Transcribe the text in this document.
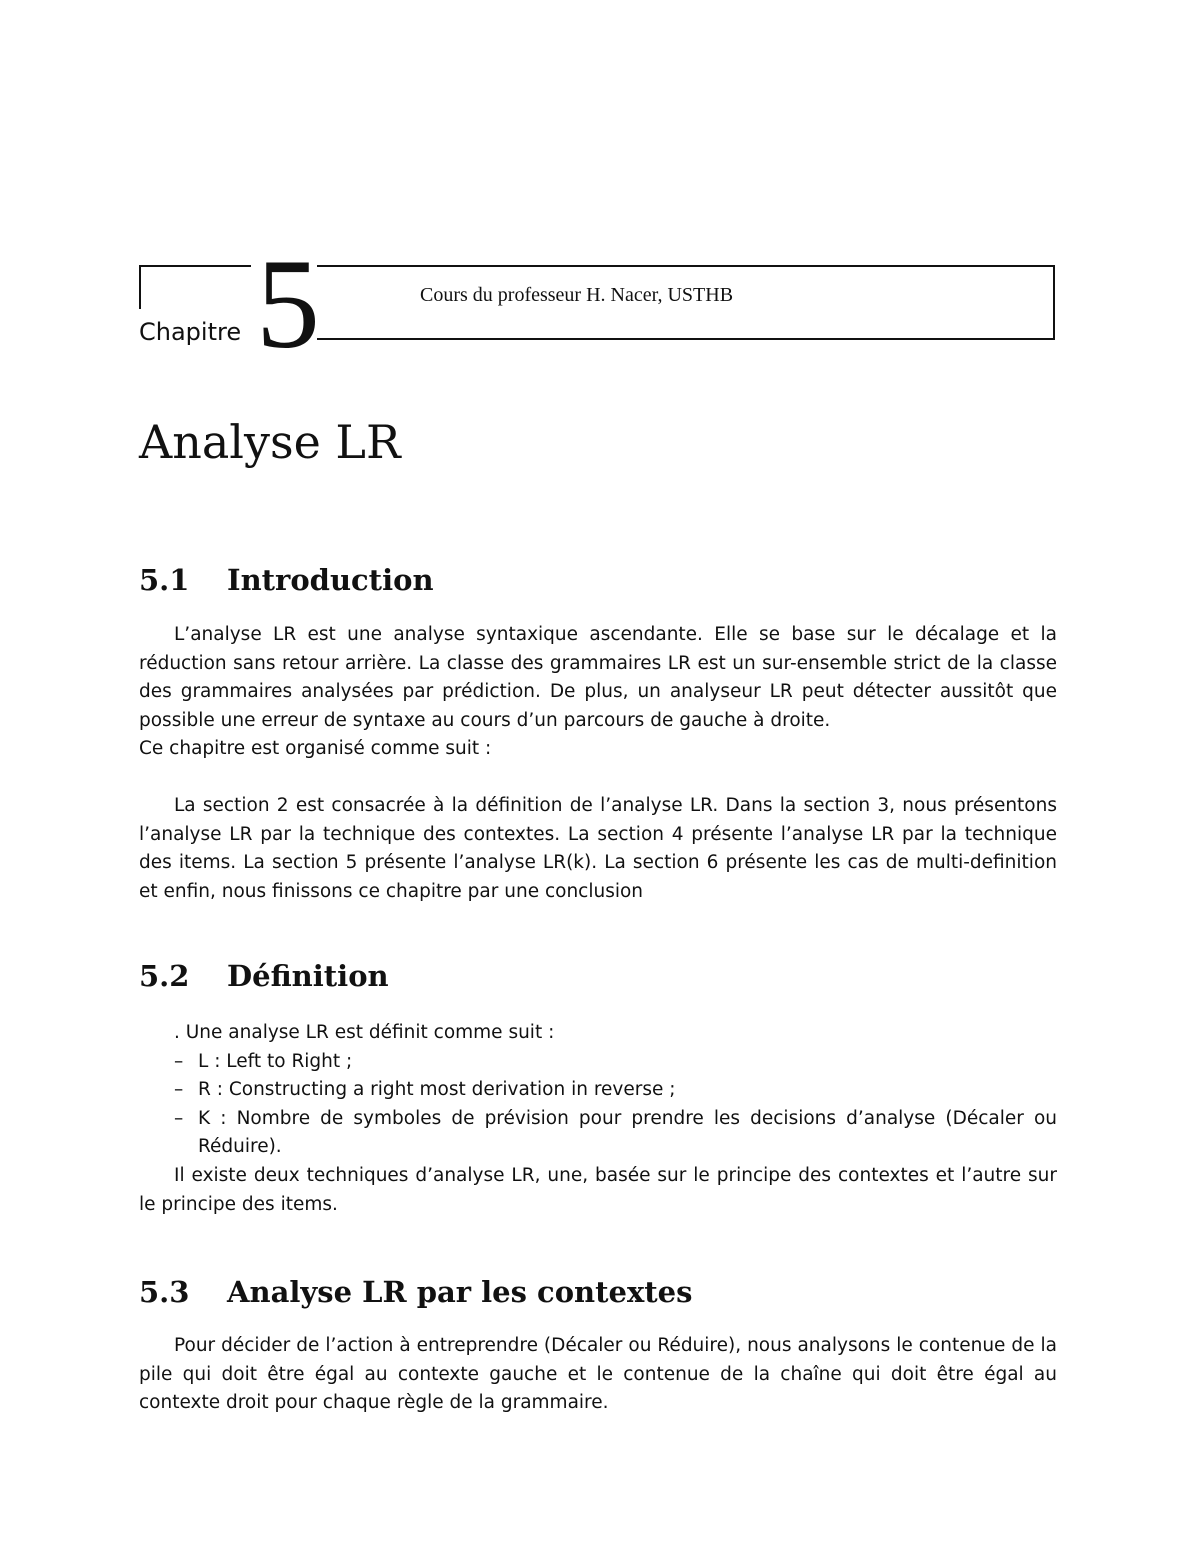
Chapitre 5	Cours du professeur H. Nacer, USTHB
Analyse LR
5.1 Introduction

L’analyse LR est une analyse syntaxique ascendante. Elle se base sur le décalage et la réduction sans retour arrière. La classe des grammaires LR est un sur-ensemble strict de la classe des grammaires analysées par prédiction. De plus, un analyseur LR peut détecter aussitôt que possible une erreur de syntaxe au cours d’un parcours de gauche à droite.

Ce chapitre est organisé comme suit :

La section 2 est consacrée à la définition de l’analyse LR. Dans la section 3, nous présentons l’analyse LR par la technique des contextes. La section 4 présente l’analyse LR par la technique des items. La section 5 présente l’analyse LR(k). La section 6 présente les cas de multi-definition et enfin, nous finissons ce chapitre par une conclusion

5.2 Définition

. Une analyse LR est définit comme suit :

– L : Left to Right ;
– R : Constructing a right most derivation in reverse ;
– K : Nombre de symboles de prévision pour prendre les decisions d’analyse (Décaler ou Réduire).

Il existe deux techniques d’analyse LR, une, basée sur le principe des contextes et l’autre sur le principe des items.

5.3 Analyse LR par les contextes

Pour décider de l’action à entreprendre (Décaler ou Réduire), nous analysons le contenue de la pile qui doit être égal au contexte gauche et le contenue de la chaîne qui doit être égal au contexte droit pour chaque règle de la grammaire.
